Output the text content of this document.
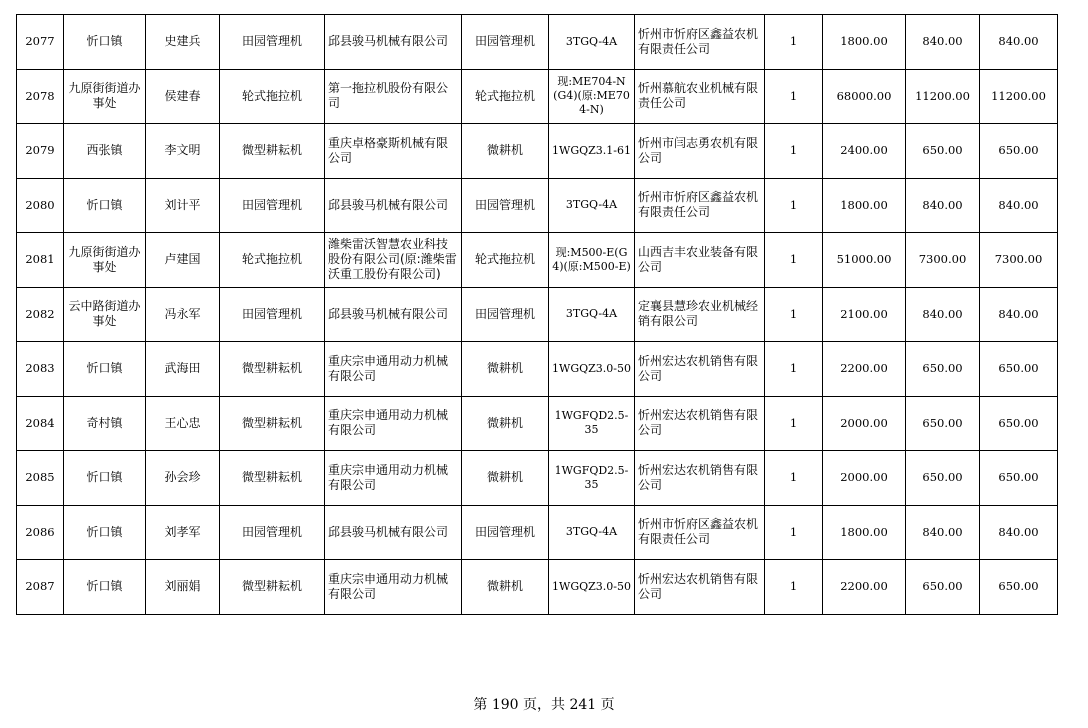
2077	忻口镇	史建兵	田园管理机	邱县骏马机械有限公司	田园管理机	3TGQ-4A	忻州市忻府区鑫益农机有限责任公司	1	1800.00	840.00	840.00
2078	九原街街道办事处	侯建春	轮式拖拉机	第一拖拉机股份有限公司	轮式拖拉机	现:ME704-N(G4)(原:ME704-N)	忻州慕航农业机械有限责任公司	1	68000.00	11200.00	11200.00
2079	西张镇	李文明	微型耕耘机	重庆卓格豪斯机械有限公司	微耕机	1WGQZ3.1-61	忻州市闫志勇农机有限公司	1	2400.00	650.00	650.00
2080	忻口镇	刘计平	田园管理机	邱县骏马机械有限公司	田园管理机	3TGQ-4A	忻州市忻府区鑫益农机有限责任公司	1	1800.00	840.00	840.00
2081	九原街街道办事处	卢建国	轮式拖拉机	潍柴雷沃智慧农业科技股份有限公司(原:潍柴雷沃重工股份有限公司)	轮式拖拉机	现:M500-E(G4)(原:M500-E)	山西吉丰农业装备有限公司	1	51000.00	7300.00	7300.00
2082	云中路街道办事处	冯永军	田园管理机	邱县骏马机械有限公司	田园管理机	3TGQ-4A	定襄县慧珍农业机械经销有限公司	1	2100.00	840.00	840.00
2083	忻口镇	武海田	微型耕耘机	重庆宗申通用动力机械有限公司	微耕机	1WGQZ3.0-50	忻州宏达农机销售有限公司	1	2200.00	650.00	650.00
2084	奇村镇	王心忠	微型耕耘机	重庆宗申通用动力机械有限公司	微耕机	1WGFQD2.5-35	忻州宏达农机销售有限公司	1	2000.00	650.00	650.00
2085	忻口镇	孙会珍	微型耕耘机	重庆宗申通用动力机械有限公司	微耕机	1WGFQD2.5-35	忻州宏达农机销售有限公司	1	2000.00	650.00	650.00
2086	忻口镇	刘孝军	田园管理机	邱县骏马机械有限公司	田园管理机	3TGQ-4A	忻州市忻府区鑫益农机有限责任公司	1	1800.00	840.00	840.00
2087	忻口镇	刘丽娟	微型耕耘机	重庆宗申通用动力机械有限公司	微耕机	1WGQZ3.0-50	忻州宏达农机销售有限公司	1	2200.00	650.00	650.00
第 190 页，共 241 页
